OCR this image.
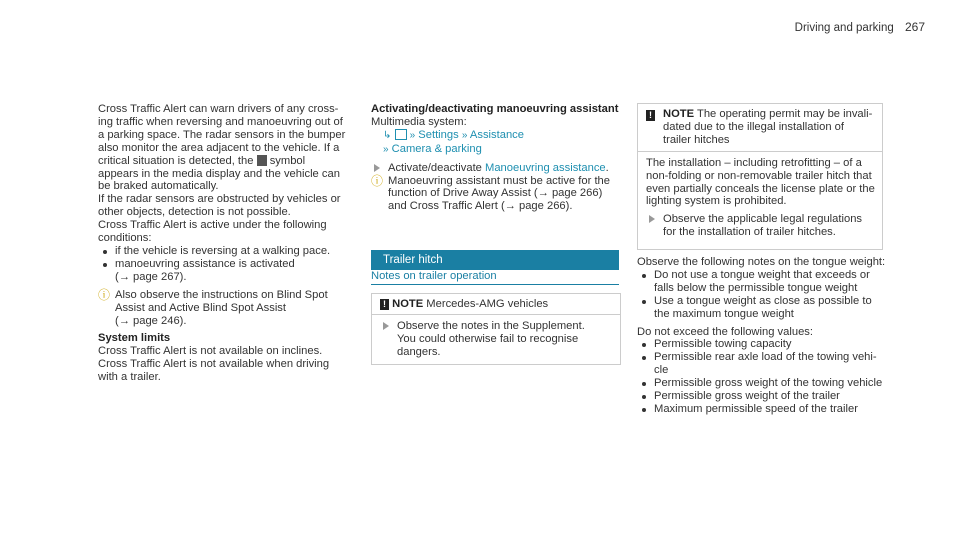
Driving and parking 267

Cross Traffic Alert can warn drivers of any cross-

ing traffic when reversing and manoeuvring out of

a parking space. The radar sensors in the bumper

also monitor the area adjacent to the vehicle. If a

critical situation is detected, the symbol

appears in the media display and the vehicle can

be braked automatically.

If the radar sensors are obstructed by vehicles or

other objects, detection is not possible.

Cross Traffic Alert is active under the following

conditions:

if the vehicle is reversing at a walking pace.

manoeuvring assistance is activated

(→ page 267).

ⓘ Also observe the instructions on Blind Spot

Assist and Active Blind Spot Assist

(→ page 246).

System limits

Cross Traffic Alert is not available on inclines.

Cross Traffic Alert is not available when driving

with a trailer.

Activating/deactivating manoeuvring assistant

Multimedia system:

↳ » Settings » Assistance

» Camera & parking

Activate/deactivate Manoeuvring assistance.

ⓘ Manoeuvring assistant must be active for the

function of Drive Away Assist (→ page 266)

and Cross Traffic Alert (→ page 266).

Trailer hitch
Notes on trailer operation
! NOTE Mercedes-AMG vehicles

Observe the notes in the Supplement.

You could otherwise fail to recognise

dangers.

! NOTE The operating permit may be invali-

dated due to the illegal installation of

trailer hitches

The installation – including retrofitting – of a

non-folding or non-removable trailer hitch that

even partially conceals the license plate or the

lighting system is prohibited.

Observe the applicable legal regulations

for the installation of trailer hitches.

Observe the following notes on the tongue weight:

Do not use a tongue weight that exceeds or

falls below the permissible tongue weight

Use a tongue weight as close as possible to

the maximum tongue weight

Do not exceed the following values:

Permissible towing capacity

Permissible rear axle load of the towing vehi-

cle

Permissible gross weight of the towing vehicle

Permissible gross weight of the trailer

Maximum permissible speed of the trailer
